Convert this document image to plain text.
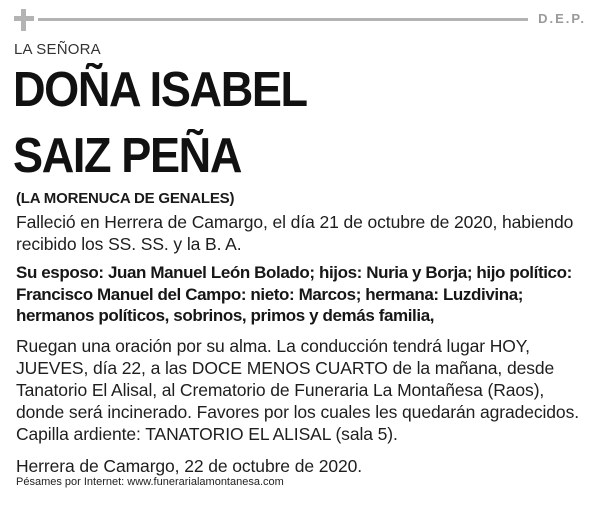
D.E.P.
LA SEÑORA
DOÑA ISABEL
SAIZ PEÑA
(LA MORENUCA DE GENALES)
Falleció en Herrera de Camargo, el día 21 de octubre de 2020, habiendo recibido los SS. SS. y la B. A.
Su esposo: Juan Manuel León Bolado; hijos: Nuria y Borja; hijo político: Francisco Manuel del Campo: nieto: Marcos; hermana: Luzdivina; hermanos políticos, sobrinos, primos y demás familia,
Ruegan una oración por su alma. La conducción tendrá lugar HOY, JUEVES, día 22, a las DOCE MENOS CUARTO de la mañana, desde Tanatorio El Alisal, al Crematorio de Funeraria La Montañesa (Raos), donde será incinerado. Favores por los cuales les quedarán agradecidos. Capilla ardiente: TANATORIO EL ALISAL (sala 5).
Herrera de Camargo, 22 de octubre de 2020.
Pésames por Internet: www.funerarialamontanesa.com
